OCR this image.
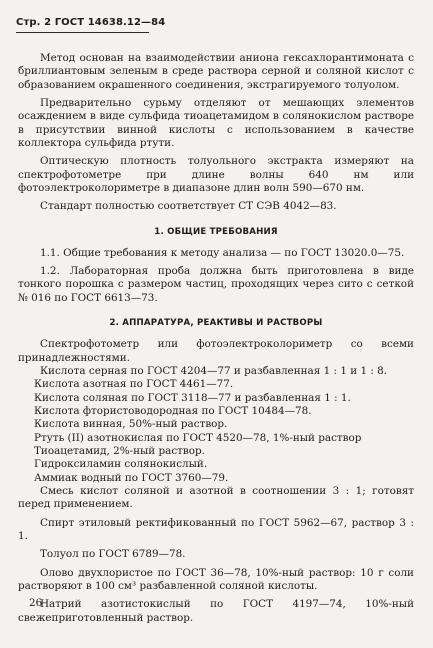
Стр. 2 ГОСТ 14638.12—84

Метод основан на взаимодействии аниона гексахлорантимоната с бриллиантовым зеленым в среде раствора серной и соляной кислот с образованием окрашенного соединения, экстрагируемого толуолом.

Предварительно сурьму отделяют от мешающих элементов осаждением в виде сульфида тиоацетамидом в солянокислом растворе в присутствии винной кислоты с использованием в качестве коллектора сульфида ртути.

Оптическую плотность толуольного экстракта измеряют на спектрофотометре при длине волны 640 нм или фотоэлектроколориметре в диапазоне длин волн 590—670 нм.

Стандарт полностью соответствует СТ СЭВ 4042—83.

1. ОБЩИЕ ТРЕБОВАНИЯ

1.1. Общие требования к методу анализа — по ГОСТ 13020.0—75.

1.2. Лабораторная проба должна быть приготовлена в виде тонкого порошка с размером частиц, проходящих через сито с сеткой № 016 по ГОСТ 6613—73.

2. АППАРАТУРА, РЕАКТИВЫ И РАСТВОРЫ

Спектрофотометр или фотоэлектроколориметр со всеми принадлежностями.

Кислота серная по ГОСТ 4204—77 и разбавленная 1 : 1 и 1 : 8.

Кислота азотная по ГОСТ 4461—77.

Кислота соляная по ГОСТ 3118—77 и разбавленная 1 : 1.

Кислота фтористоводородная по ГОСТ 10484—78.

Кислота винная, 50%-ный раствор.

Ртуть (II) азотнокислая по ГОСТ 4520—78, 1%-ный раствор

Тиоацетамид, 2%-ный раствор.

Гидроксиламин солянокислый.

Аммиак водный по ГОСТ 3760—79.

Смесь кислот соляной и азотной в соотношении 3 : 1; готовят перед применением.

Спирт этиловый ректификованный по ГОСТ 5962—67, раствор 3 : 1.

Толуол по ГОСТ 6789—78.

Олово двухлористое по ГОСТ 36—78, 10%-ный раствор: 10 г соли растворяют в 100 см³ разбавленной соляной кислоты.

Натрий азотистокислый по ГОСТ 4197—74, 10%-ный свежеприготовленный раствор.

26
